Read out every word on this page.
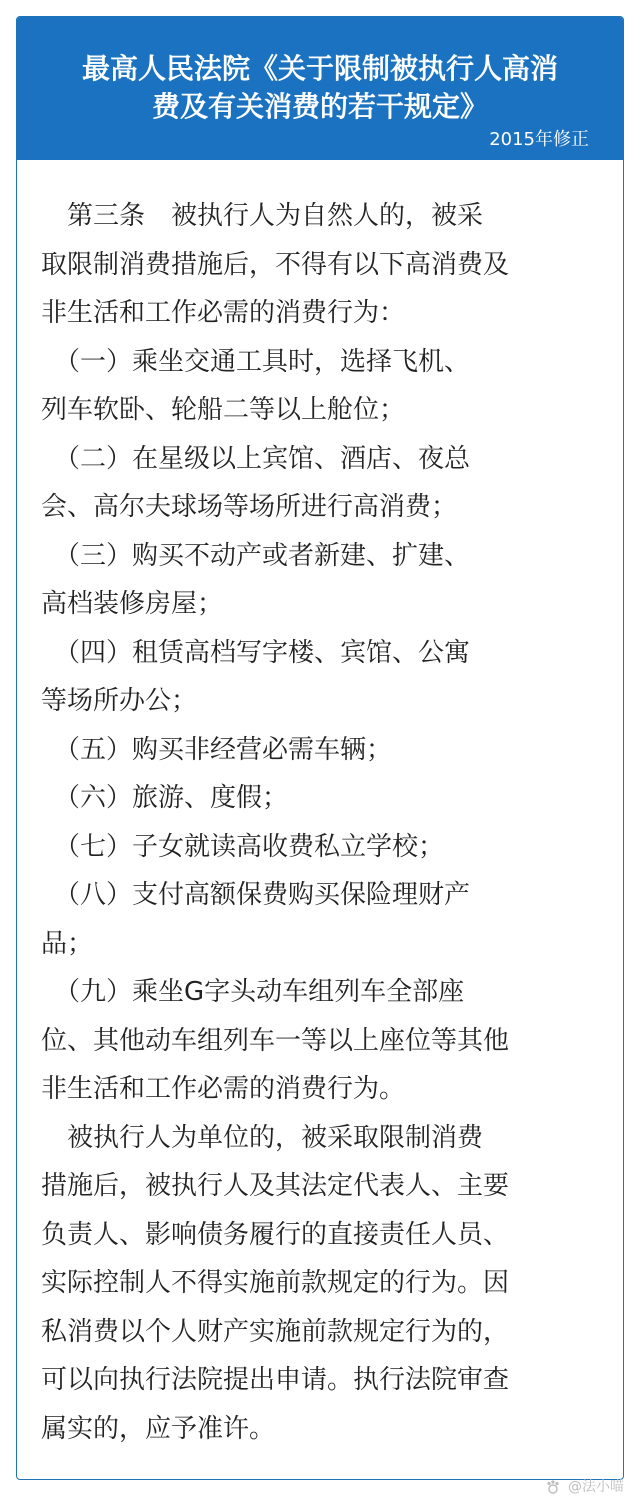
最高人民法院《关于限制被执行人高消
费及有关消费的若干规定》
2015年修正
　第三条　被执行人为自然人的，被采
取限制消费措施后，不得有以下高消费及
非生活和工作必需的消费行为：
　（一）乘坐交通工具时，选择飞机、
列车软卧、轮船二等以上舱位；
　（二）在星级以上宾馆、酒店、夜总
会、高尔夫球场等场所进行高消费；
　（三）购买不动产或者新建、扩建、
高档装修房屋；
　（四）租赁高档写字楼、宾馆、公寓
等场所办公；
　（五）购买非经营必需车辆；
　（六）旅游、度假；
　（七）子女就读高收费私立学校；
　（八）支付高额保费购买保险理财产
品；
　（九）乘坐G字头动车组列车全部座
位、其他动车组列车一等以上座位等其他
非生活和工作必需的消费行为。
　被执行人为单位的，被采取限制消费
措施后，被执行人及其法定代表人、主要
负责人、影响债务履行的直接责任人员、
实际控制人不得实施前款规定的行为。因
私消费以个人财产实施前款规定行为的，
可以向执行法院提出申请。执行法院审查
属实的，应予准许。
@法小喵
